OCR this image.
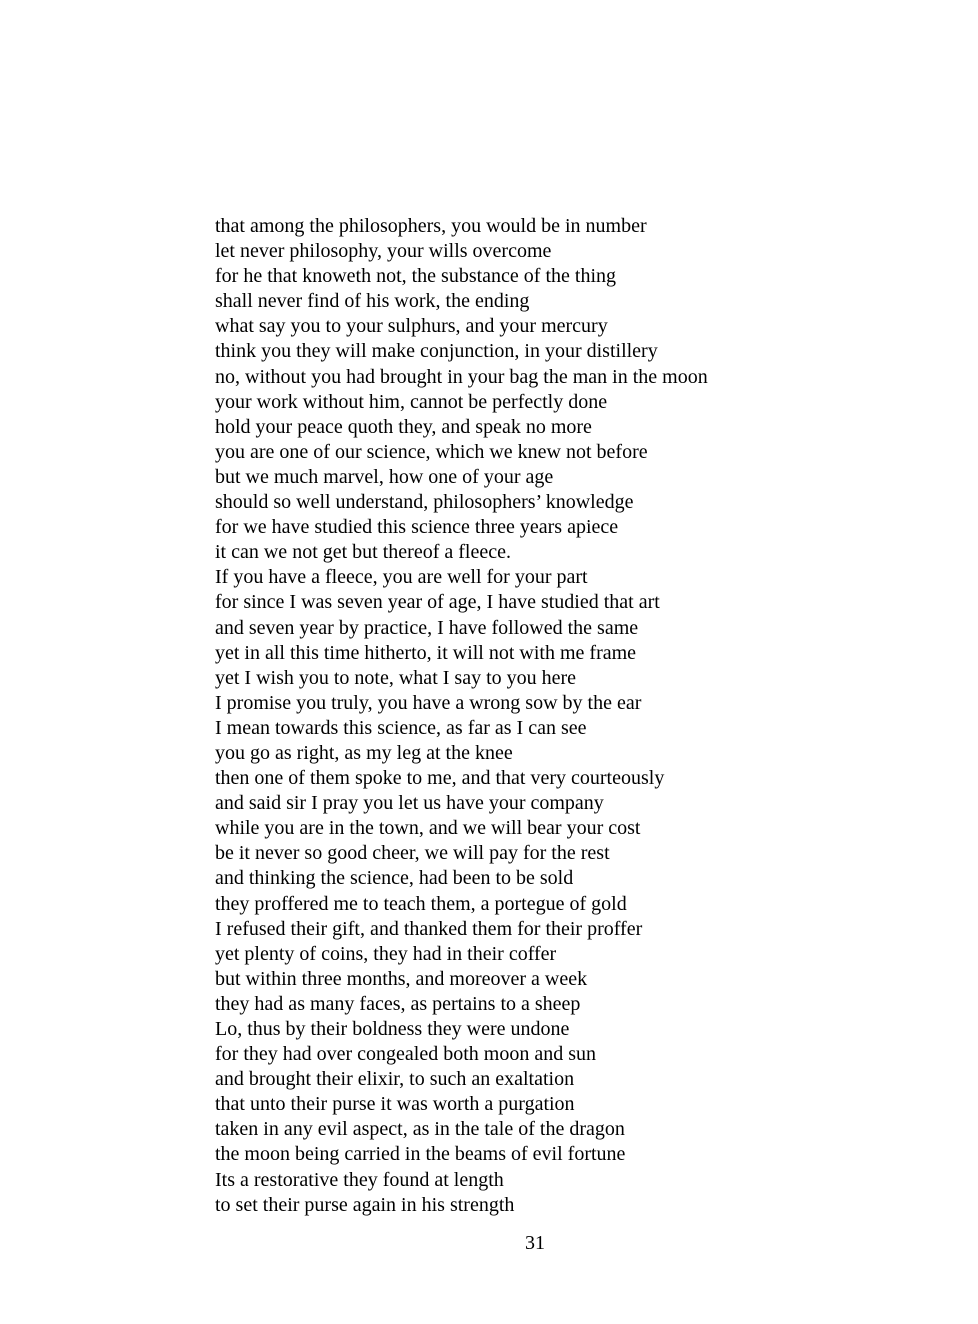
that among the philosophers, you would be in number
let never philosophy, your wills overcome
for he that knoweth not, the substance of the thing
shall never find of his work, the ending
what say you to your sulphurs, and your mercury
think you they will make conjunction, in your distillery
no, without you had brought in your bag the man in the moon
your work without him, cannot be perfectly done
hold your peace quoth they, and speak no more
you are one of our science, which we knew not before
but we much marvel, how one of your age
should so well understand, philosophers’ knowledge
for we have studied this science three years apiece
it can we not get but thereof a fleece.
If you have a fleece, you are well for your part
for since I was seven year of age, I have studied that art
and seven year by practice, I have followed the same
yet in all this time hitherto, it will not with me frame
yet I wish you to note, what I say to you here
I promise you truly, you have a wrong sow by the ear
I mean towards this science, as far as I can see
you go as right, as my leg at the knee
then one of them spoke to me, and that very courteously
and said sir I pray you let us have your company
while you are in the town, and we will bear your cost
be it never so good cheer, we will pay for the rest
and thinking the science, had been to be sold
they proffered me to teach them, a portegue of gold
I refused their gift, and thanked them for their proffer
yet plenty of coins, they had in their coffer
but within three months, and moreover a week
they had as many faces, as pertains to a sheep
Lo, thus by their boldness they were undone
for they had over congealed both moon and sun
and brought their elixir, to such an exaltation
that unto their purse it was worth a purgation
taken in any evil aspect, as in the tale of the dragon
the moon being carried in the beams of evil fortune
Its a restorative they found at length
to set their purse again in his strength
31
